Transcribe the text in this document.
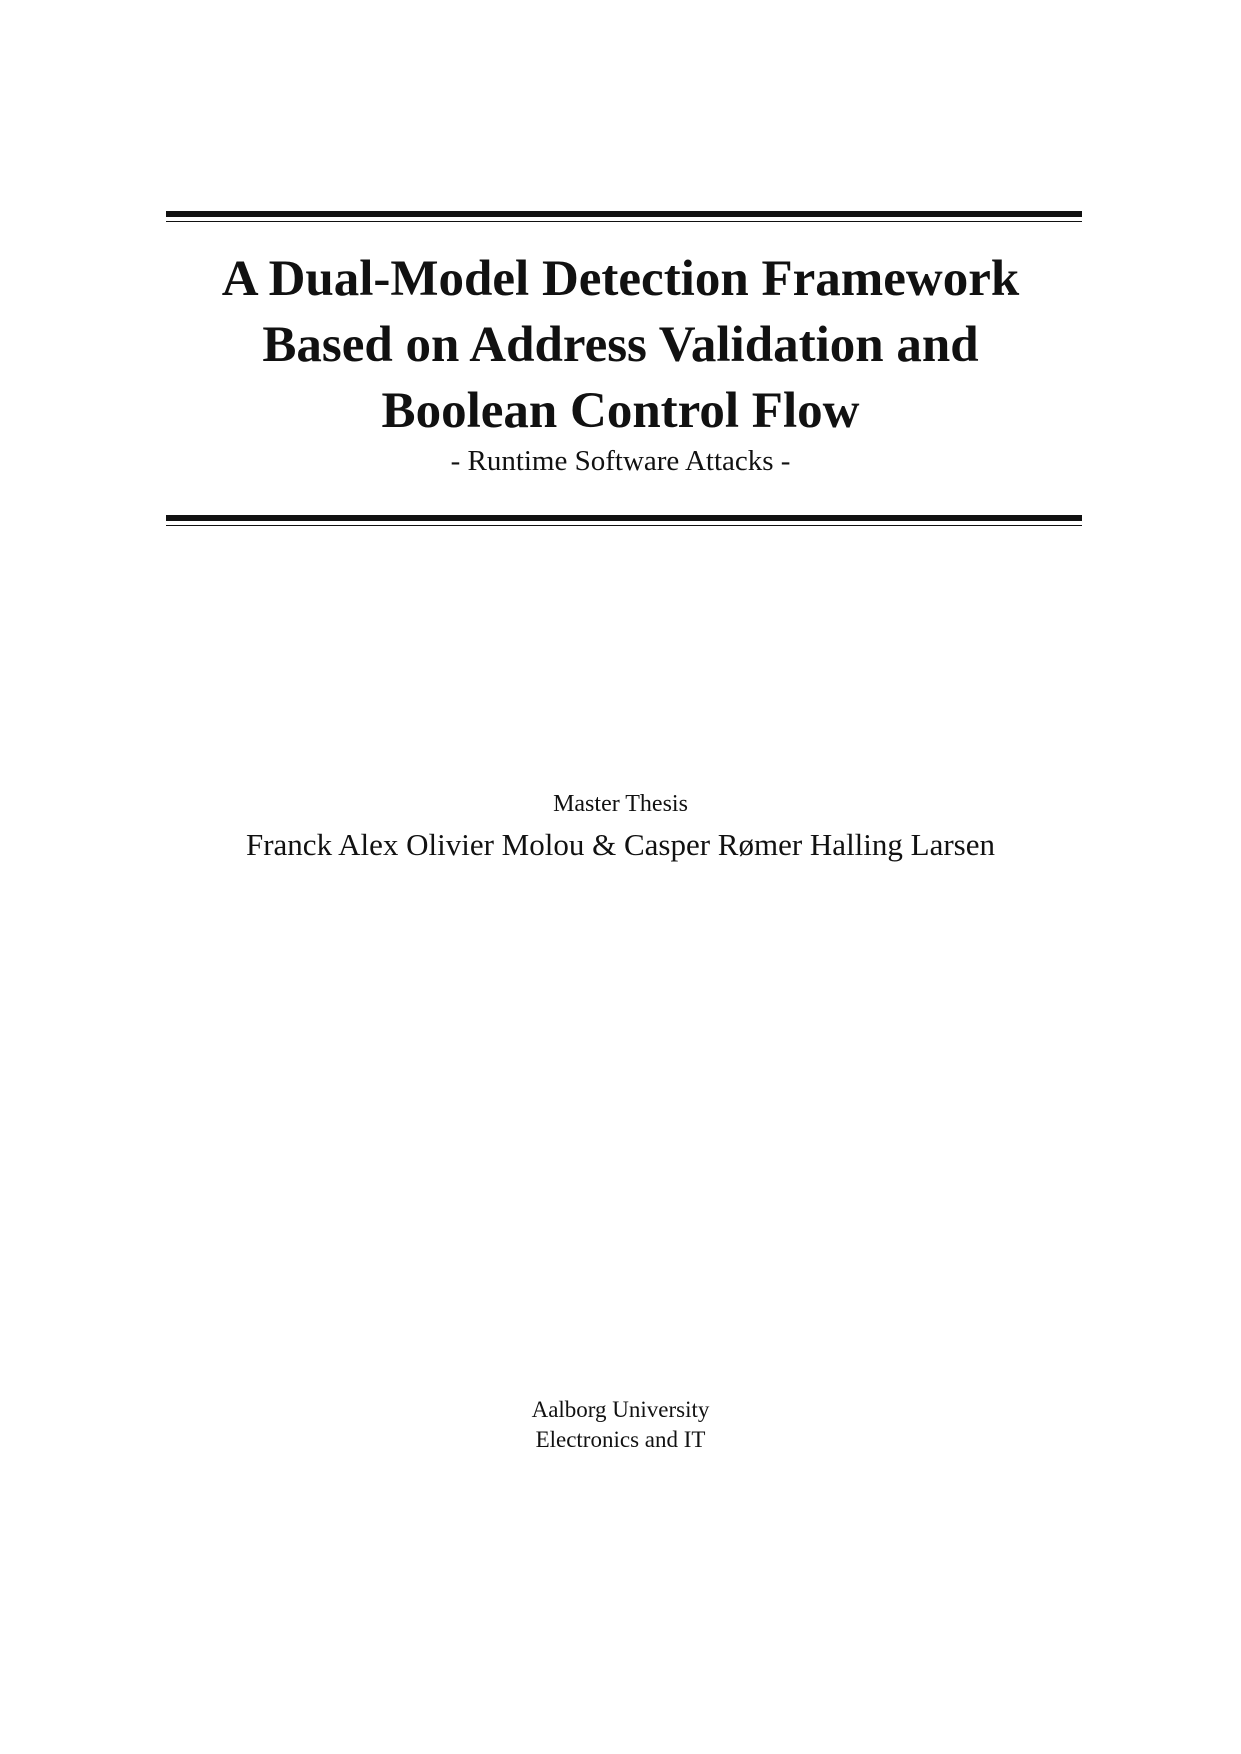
A Dual-Model Detection Framework
Based on Address Validation and
Boolean Control Flow
- Runtime Software Attacks -
Master Thesis
Franck Alex Olivier Molou & Casper Rømer Halling Larsen
Aalborg University
Electronics and IT
